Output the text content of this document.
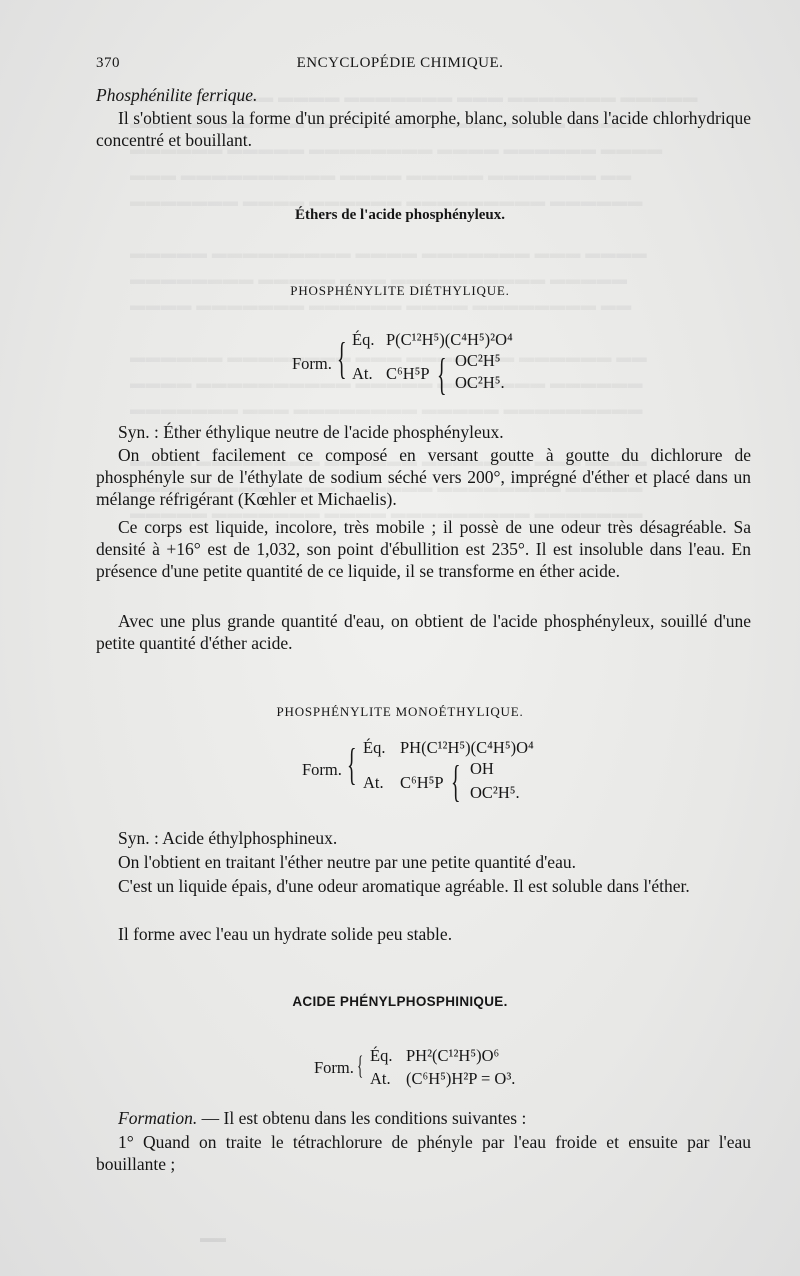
370	ENCYCLOPÉDIE CHIMIQUE.
Phosphénilite ferrique.
Il s'obtient sous la forme d'un précipité amorphe, blanc, soluble dans l'acide chlorhydrique concentré et bouillant.
Éthers de l'acide phosphényleux.
PHOSPHÉNYLITE DIÉTHYLIQUE.
Form. { Éq. P(C¹²H⁵)(C⁴H⁵)²O⁴
At. C⁶H⁵P { OC²H⁵
OC²H⁵.
Syn. : Éther éthylique neutre de l'acide phosphényleux.
On obtient facilement ce composé en versant goutte à goutte du dichlorure de phosphényle sur de l'éthylate de sodium séché vers 200°, imprégné d'éther et placé dans un mélange réfrigérant (Kœhler et Michaelis).
Ce corps est liquide, incolore, très mobile ; il possè de une odeur très désagréable. Sa densité à +16° est de 1,032, son point d'ébullition est 235°. Il est insoluble dans l'eau. En présence d'une petite quantité de ce liquide, il se transforme en éther acide.
Avec une plus grande quantité d'eau, on obtient de l'acide phosphényleux, souillé d'une petite quantité d'éther acide.
PHOSPHÉNYLITE MONOÉTHYLIQUE.
Form. { Éq. PH(C¹²H⁵)(C⁴H⁵)O⁴
At. C⁶H⁵P { OH
OC²H⁵.
Syn. : Acide éthylphosphineux.
On l'obtient en traitant l'éther neutre par une petite quantité d'eau.
C'est un liquide épais, d'une odeur aromatique agréable. Il est soluble dans l'éther.
Il forme avec l'eau un hydrate solide peu stable.
ACIDE PHÉNYLPHOSPHINIQUE.
Form. { Éq. PH²(C¹²H⁵)O⁶
At. (C⁶H⁵)H²P = O³.
Formation. — Il est obtenu dans les conditions suivantes :
1° Quand on traite le tétrachlorure de phényle par l'eau froide et ensuite par l'eau bouillante ;
▬▬
